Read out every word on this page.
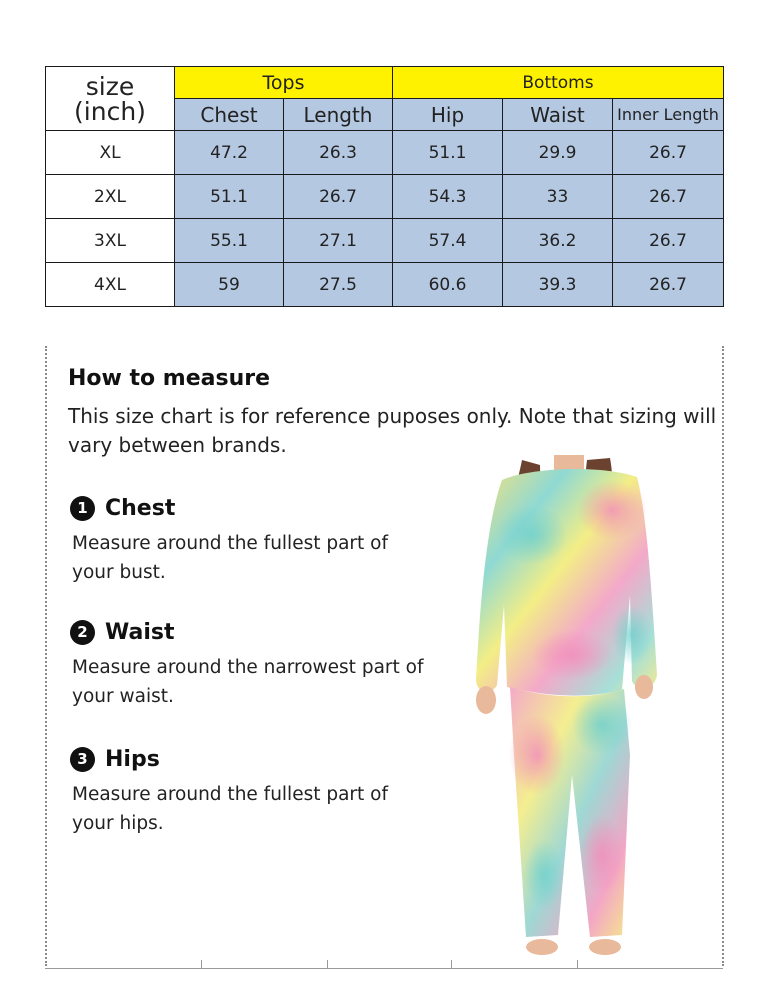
size
(inch)	Tops		Bottoms		
	Chest	Length	Hip	Waist	Inner Length
XL	47.2	26.3	51.1	29.9	26.7
2XL	51.1	26.7	54.3	33	26.7
3XL	55.1	27.1	57.4	36.2	26.7
4XL	59	27.5	60.6	39.3	26.7
How to measure
This size chart is for reference puposes only. Note that sizing will vary between brands.
1 Chest
Measure around the fullest part of your bust.
2 Waist
Measure around the narrowest part of your waist.
3 Hips
Measure around the fullest part of your hips.
